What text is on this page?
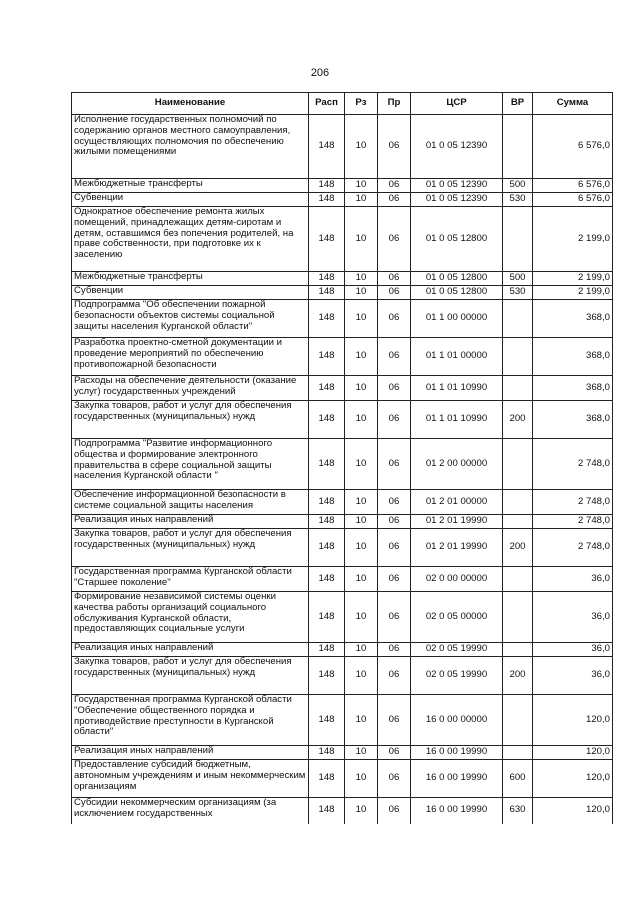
206
Наименование	Расп	Рз	Пр	ЦСР	ВР	Сумма
Исполнение государственных полномочий по содержанию органов местного самоуправления, осуществляющих полномочия по обеспечению жилыми помещениями	148	10	06	01 0 05 12390		6 576,0
Межбюджетные трансферты	148	10	06	01 0 05 12390	500	6 576,0
Субвенции	148	10	06	01 0 05 12390	530	6 576,0
Однократное обеспечение ремонта жилых помещений, принадлежащих детям-сиротам и детям, оставшимся без попечения родителей, на праве собственности, при подготовке их к заселению	148	10	06	01 0 05 12800		2 199,0
Межбюджетные трансферты	148	10	06	01 0 05 12800	500	2 199,0
Субвенции	148	10	06	01 0 05 12800	530	2 199,0
Подпрограмма "Об обеспечении пожарной безопасности объектов системы социальной защиты населения Курганской области"	148	10	06	01 1 00 00000		368,0
Разработка проектно-сметной документации и проведение мероприятий по обеспечению противопожарной безопасности	148	10	06	01 1 01 00000		368,0
Расходы на обеспечение деятельности (оказание услуг) государственных учреждений	148	10	06	01 1 01 10990		368,0
Закупка товаров, работ и услуг для обеспечения государственных (муниципальных) нужд	148	10	06	01 1 01 10990	200	368,0
Подпрограмма "Развитие информационного общества и формирование электронного правительства в сфере социальной защиты населения Курганской области "	148	10	06	01 2 00 00000		2 748,0
Обеспечение информационной безопасности в системе социальной защиты населения	148	10	06	01 2 01 00000		2 748,0
Реализация иных направлений	148	10	06	01 2 01 19990		2 748,0
Закупка товаров, работ и услуг для обеспечения государственных (муниципальных) нужд	148	10	06	01 2 01 19990	200	2 748,0
Государственная программа Курганской области "Старшее поколение"	148	10	06	02 0 00 00000		36,0
Формирование независимой системы оценки качества работы организаций социального обслуживания Курганской области, предоставляющих социальные услуги	148	10	06	02 0 05 00000		36,0
Реализация иных направлений	148	10	06	02 0 05 19990		36,0
Закупка товаров, работ и услуг для обеспечения государственных (муниципальных) нужд	148	10	06	02 0 05 19990	200	36,0
Государственная программа Курганской области "Обеспечение общественного порядка и противодействие преступности в Курганской области"	148	10	06	16 0 00 00000		120,0
Реализация иных направлений	148	10	06	16 0 00 19990		120,0
Предоставление субсидий бюджетным, автономным учреждениям и иным некоммерческим организациям	148	10	06	16 0 00 19990	600	120,0
Субсидии некоммерческим организациям (за исключением государственных	148	10	06	16 0 00 19990	630	120,0
